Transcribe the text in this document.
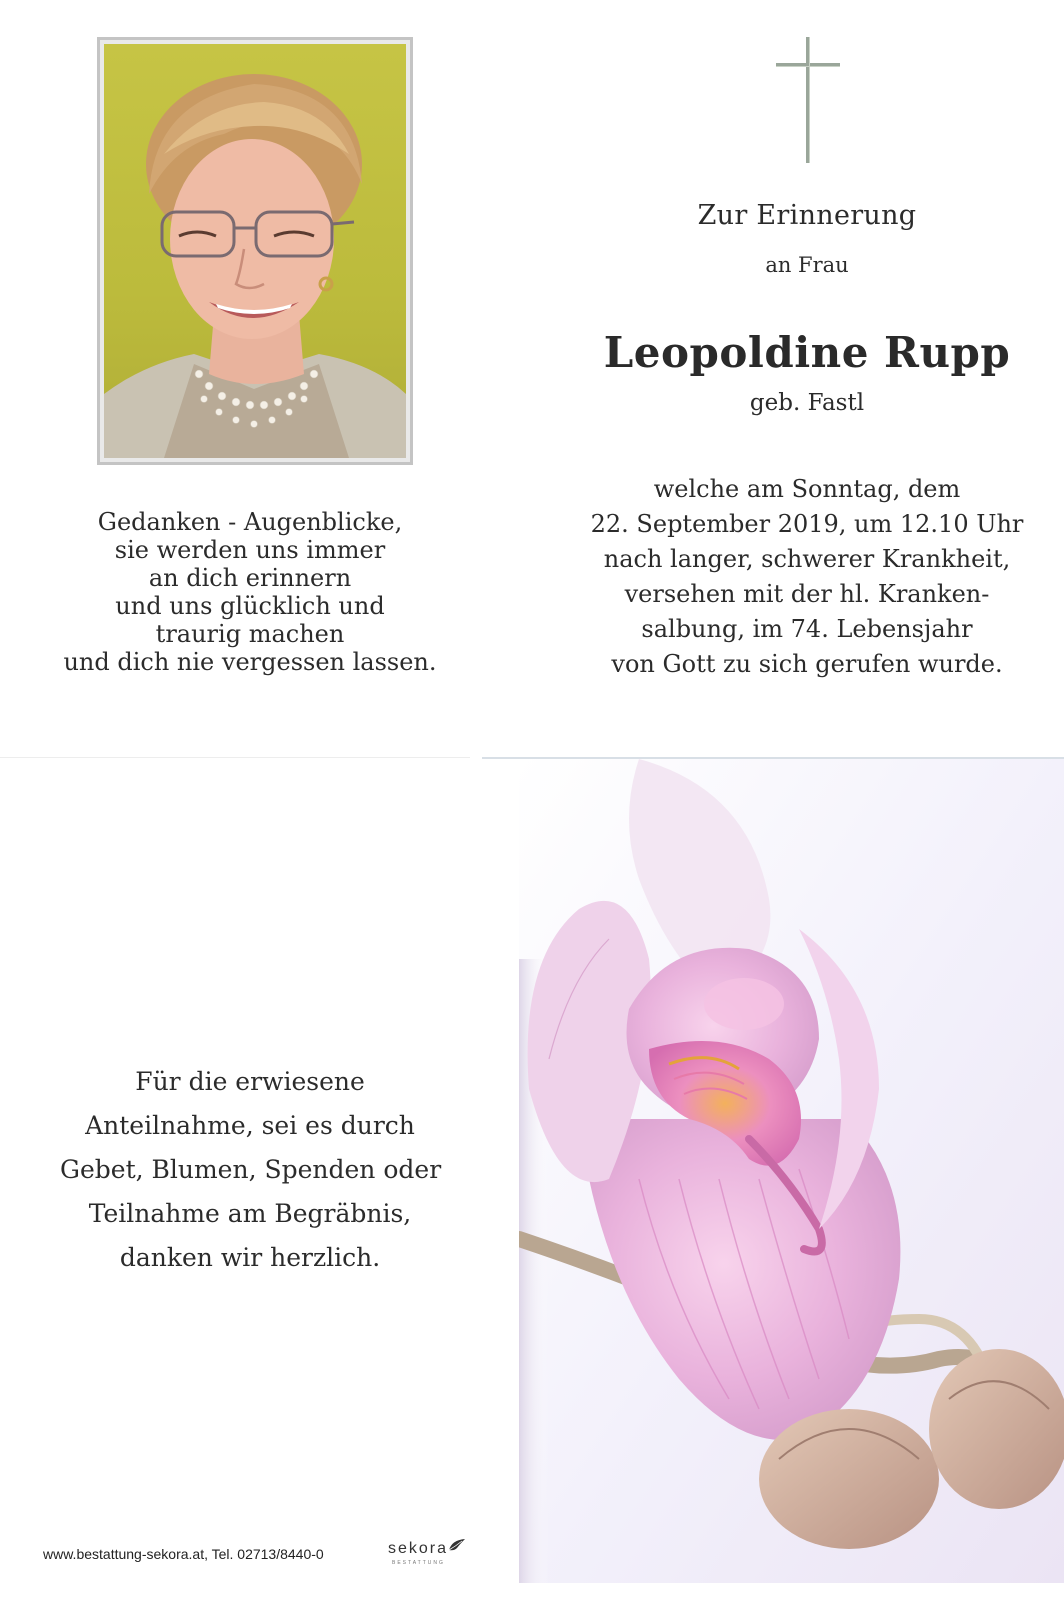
Gedanken - Augenblicke,
sie werden uns immer
an dich erinnern
und uns glücklich und
traurig machen
und dich nie vergessen lassen.
Zur Erinnerung
an Frau
Leopoldine Rupp
geb. Fastl
welche am Sonntag, dem
22. September 2019, um 12.10 Uhr
nach langer, schwerer Krankheit,
versehen mit der hl. Kranken-
salbung, im 74. Lebensjahr
von Gott zu sich gerufen wurde.
Für die erwiesene
Anteilnahme, sei es durch
Gebet, Blumen, Spenden oder
Teilnahme am Begräbnis,
danken wir herzlich.
www.bestattung-sekora.at, Tel. 02713/8440-0	sekora
BESTATTUNG
